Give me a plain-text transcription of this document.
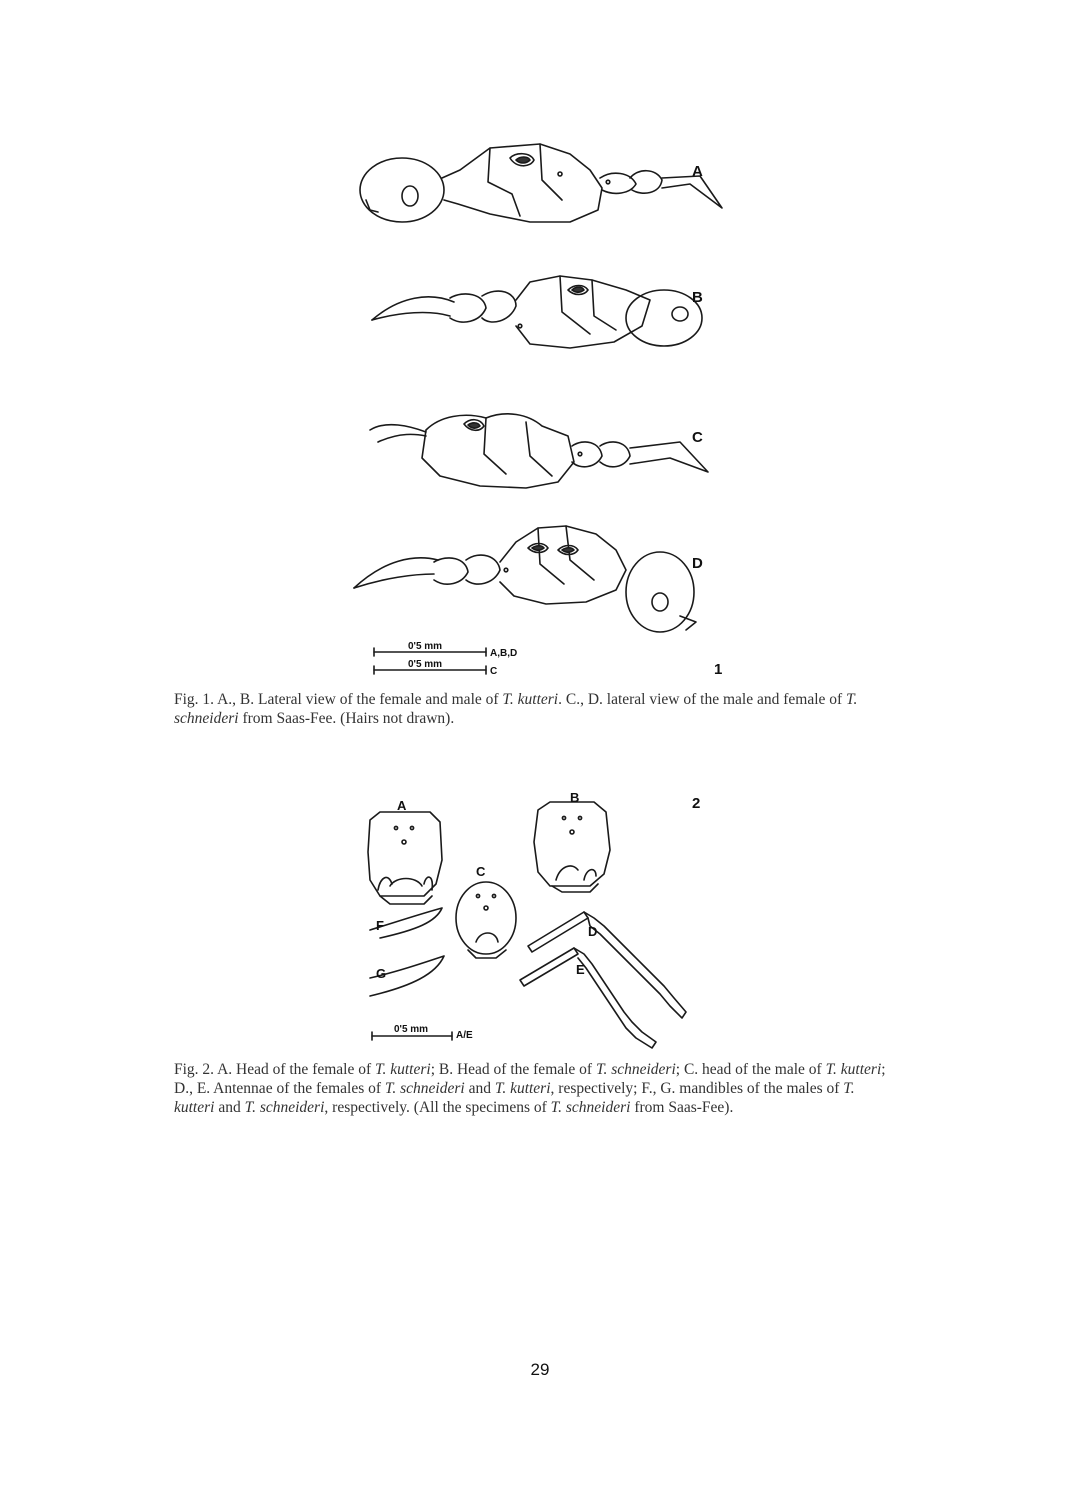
A
B
C
D
0'5 mm
A,B,D
0'5 mm
C	1
Fig. 1. A., B. Lateral view of the female and male of T. kutteri. C., D. lateral view of the male and female of T. schneideri from Saas-Fee. (Hairs not drawn).
A
B
C
F
G
D
E
0'5 mm
A/E
2
Fig. 2. A. Head of the female of T. kutteri; B. Head of the female of T. schneideri; C. head of the male of T. kutteri; D., E. Antennae of the females of T. schneideri and T. kutteri, respectively; F., G. mandibles of the males of T. kutteri and T. schneideri, respectively. (All the specimens of T. schneideri from Saas-Fee).
29
